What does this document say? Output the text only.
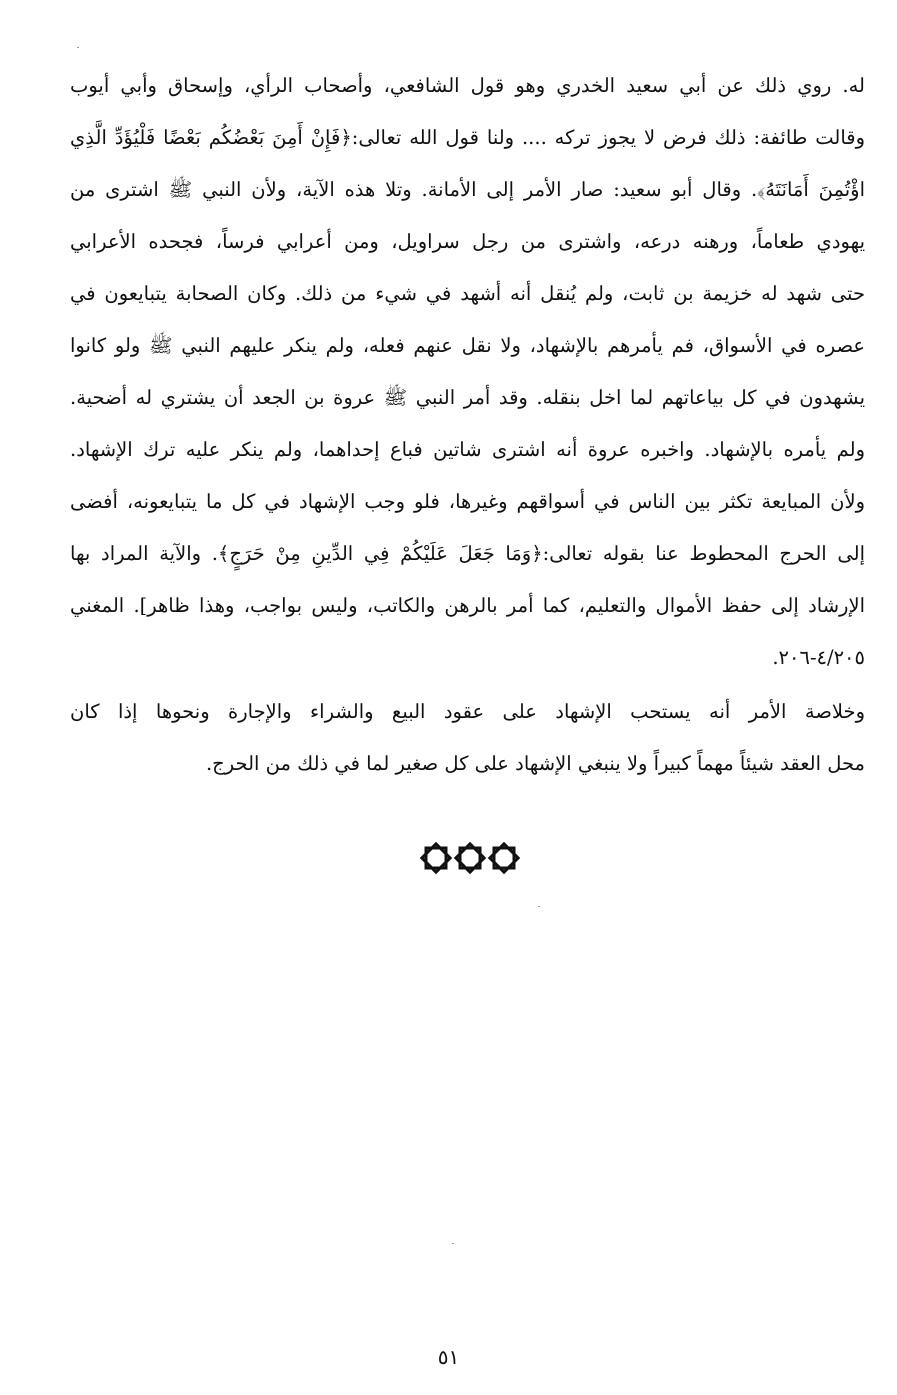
له. روي ذلك عن أبي سعيد الخدري وهو قول الشافعي، وأصحاب الرأي، وإسحاق وأبي أيوب
وقالت طائفة: ذلك فرض لا يجوز تركه .... ولنا قول الله تعالى:﴿فَإِنْ أَمِنَ بَعْضُكُم بَعْضًا فَلْيُؤَدِّ الَّذِي
اؤْتُمِنَ أَمَانَتَهُ﴾. وقال أبو سعيد: صار الأمر إلى الأمانة. وتلا هذه الآية، ولأن النبي ﷺ اشترى من
يهودي طعاماً، ورهنه درعه، واشترى من رجل سراويل، ومن أعرابي فرساً، فجحده الأعرابي
حتى شهد له خزيمة بن ثابت، ولم يُنقل أنه أشهد في شيء من ذلك. وكان الصحابة يتبايعون في
عصره في الأسواق، فم يأمرهم بالإشهاد، ولا نقل عنهم فعله، ولم ينكر عليهم النبي ﷺ ولو كانوا
يشهدون في كل بياعاتهم لما اخل بنقله. وقد أمر النبي ﷺ عروة بن الجعد أن يشتري له أضحية.
ولم يأمره بالإشهاد. واخبره عروة أنه اشترى شاتين فباع إحداهما، ولم ينكر عليه ترك الإشهاد.
ولأن المبايعة تكثر بين الناس في أسواقهم وغيرها، فلو وجب الإشهاد في كل ما يتبايعونه، أفضى
إلى الحرج المحطوط عنا بقوله تعالى:﴿وَمَا جَعَلَ عَلَيْكُمْ فِي الدِّينِ مِنْ حَرَجٍ﴾. والآية المراد بها
الإرشاد إلى حفظ الأموال والتعليم، كما أمر بالرهن والكاتب، وليس بواجب، وهذا ظاهر]. المغني
٤/٢٠٥-٢٠٦.
وخلاصة الأمر أنه يستحب الإشهاد على عقود البيع والشراء والإجارة ونحوها إذا كان
محل العقد شيئاً مهماً كبيراً ولا ينبغي الإشهاد على كل صغير لما في ذلك من الحرج.
٥١
